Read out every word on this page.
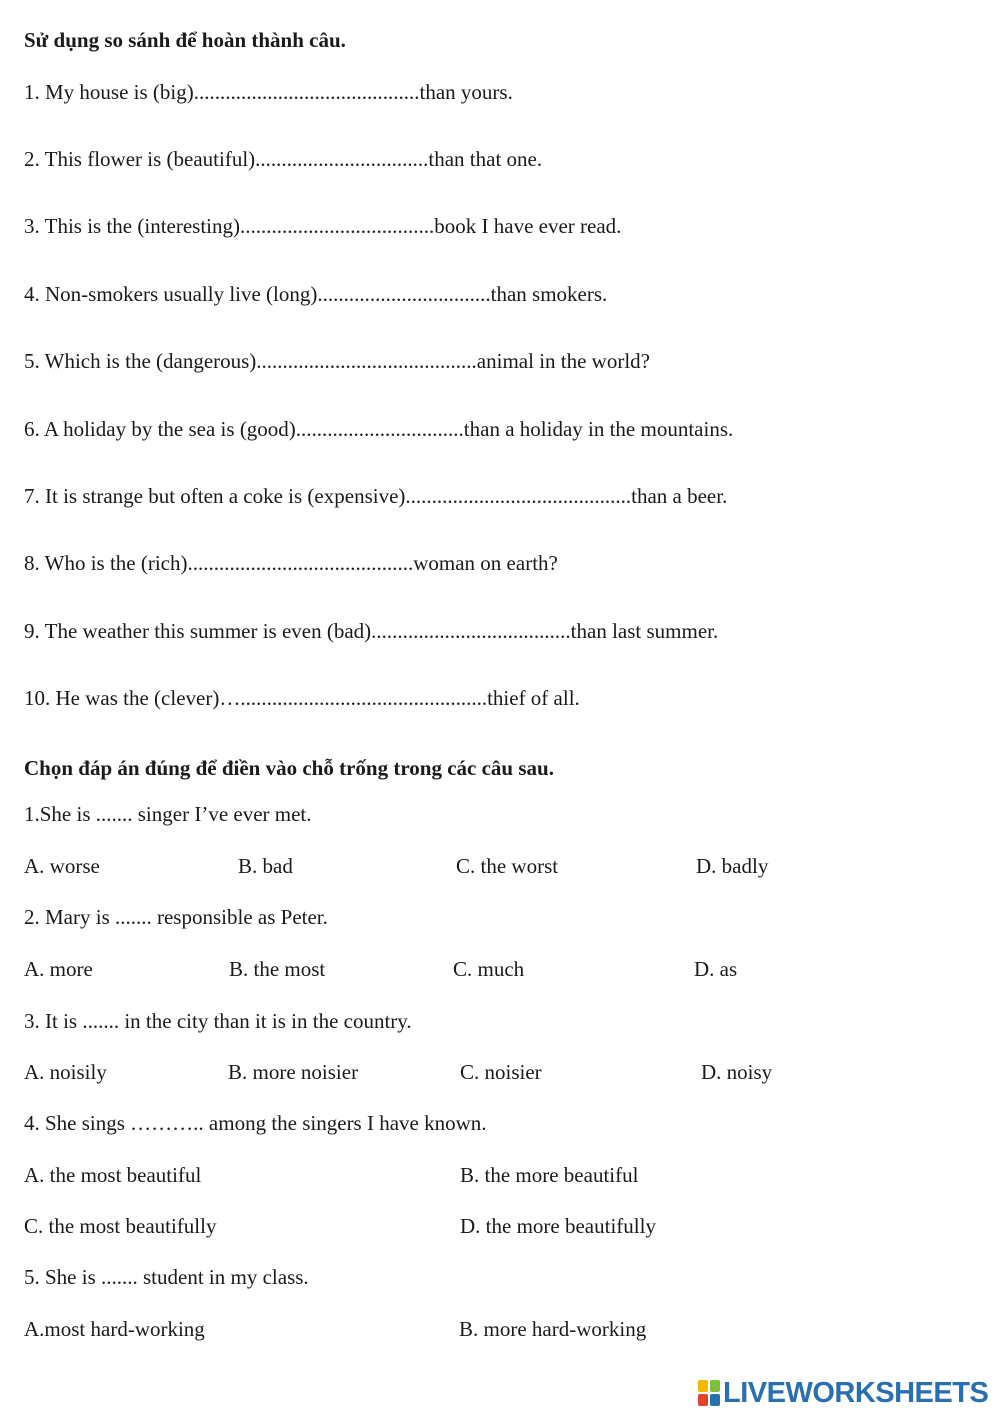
Sử dụng so sánh để hoàn thành câu.
1. My house is (big)...........................................than yours.
2. This flower is (beautiful).................................than that one.
3. This is the (interesting).....................................book I have ever read.
4. Non-smokers usually live (long).................................than smokers.
5. Which is the (dangerous)..........................................animal in the world?
6. A holiday by the sea is (good)................................than a holiday in the mountains.
7. It is strange but often a coke is (expensive)...........................................than a beer.
8. Who is the (rich)...........................................woman on earth?
9. The weather this summer is even (bad)......................................than last summer.
10. He was the (clever)…...............................................thief of all.
Chọn đáp án đúng để điền vào chỗ trống trong các câu sau.
1.She is ....... singer I’ve ever met.
A. worse	B. bad	C. the worst	D. badly
2. Mary is ....... responsible as Peter.
A. more	B. the most	C. much	D. as
3. It is ....... in the city than it is in the country.
A. noisily	B. more noisier	C. noisier	D. noisy
4. She sings ……….. among the singers I have known.
A. the most beautiful	B. the more beautiful
C. the most beautifully	D. the more beautifully
5. She is ....... student in my class.
A.most hard-working	B. more hard-working
LIVEWORKSHEETS
